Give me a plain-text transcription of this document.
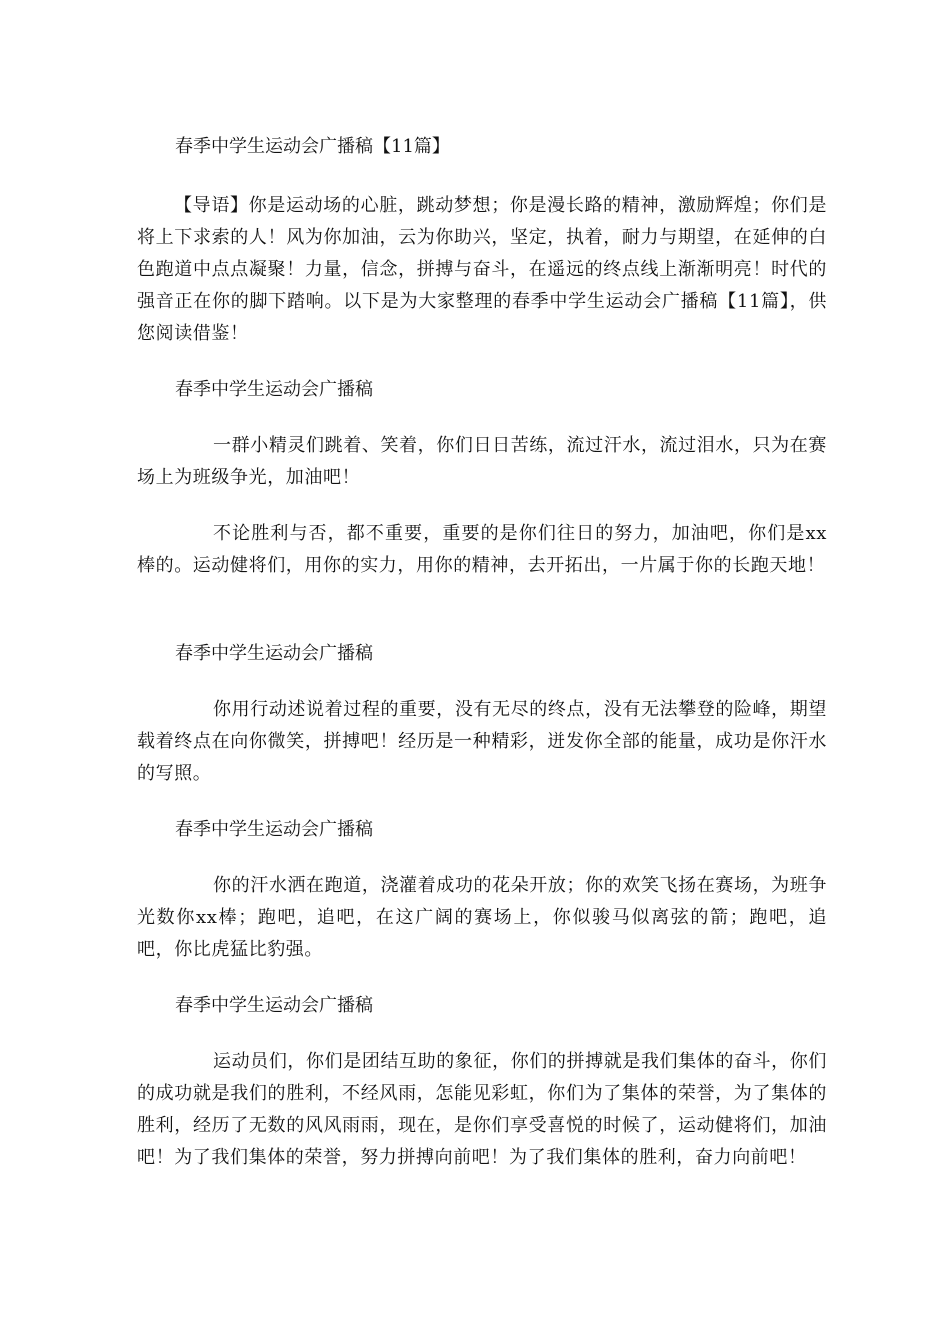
春季中学生运动会广播稿【11篇】

【导语】你是运动场的心脏，跳动梦想；你是漫长路的精神，激励辉煌；你们是将上下求索的人！风为你加油，云为你助兴，坚定，执着，耐力与期望，在延伸的白色跑道中点点凝聚！力量，信念，拼搏与奋斗，在遥远的终点线上渐渐明亮！时代的强音正在你的脚下踏响。以下是为大家整理的春季中学生运动会广播稿【11篇】，供您阅读借鉴！

春季中学生运动会广播稿

一群小精灵们跳着、笑着，你们日日苦练，流过汗水，流过泪水，只为在赛场上为班级争光，加油吧！

不论胜利与否，都不重要，重要的是你们往日的努力，加油吧，你们是xx棒的。运动健将们，用你的实力，用你的精神，去开拓出，一片属于你的长跑天地！

春季中学生运动会广播稿

你用行动述说着过程的重要，没有无尽的终点，没有无法攀登的险峰，期望载着终点在向你微笑，拼搏吧！经历是一种精彩，迸发你全部的能量，成功是你汗水的写照。

春季中学生运动会广播稿

你的汗水洒在跑道，浇灌着成功的花朵开放；你的欢笑飞扬在赛场，为班争光数你xx棒；跑吧，追吧，在这广阔的赛场上，你似骏马似离弦的箭；跑吧，追吧，你比虎猛比豹强。

春季中学生运动会广播稿

运动员们，你们是团结互助的象征，你们的拼搏就是我们集体的奋斗，你们的成功就是我们的胜利，不经风雨，怎能见彩虹，你们为了集体的荣誉，为了集体的胜利，经历了无数的风风雨雨，现在，是你们享受喜悦的时候了，运动健将们，加油吧！为了我们集体的荣誉，努力拼搏向前吧！为了我们集体的胜利，奋力向前吧！
